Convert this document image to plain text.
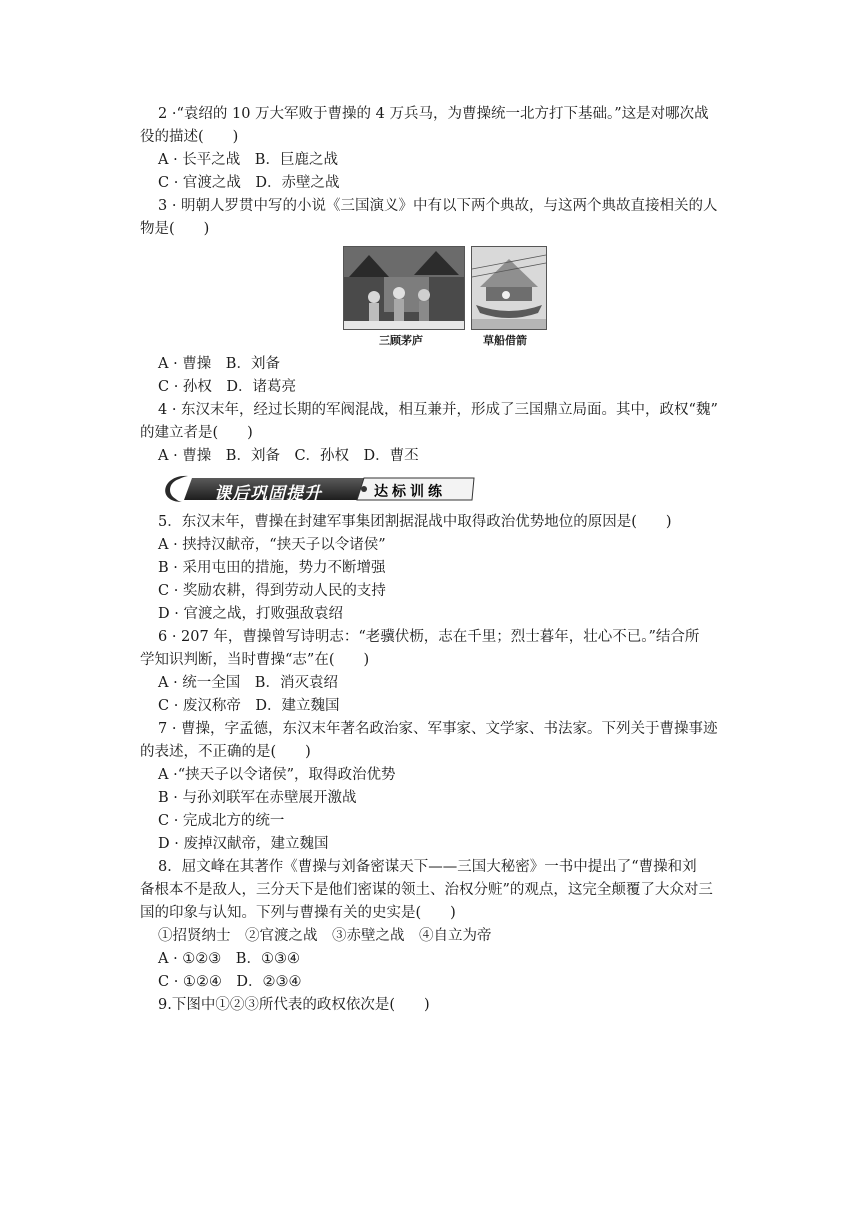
2 ·“袁绍的 10 万大军败于曹操的 4 万兵马，为曹操统一北方打下基础。”这是对哪次战
役的描述(　　)
A · 长平之战　B．巨鹿之战
C · 官渡之战　D．赤壁之战
3 · 明朝人罗贯中写的小说《三国演义》中有以下两个典故，与这两个典故直接相关的人
物是(　　)
三顾茅庐	草船借箭
A · 曹操　B．刘备
C · 孙权　D．诸葛亮
4 · 东汉末年，经过长期的军阀混战，相互兼并，形成了三国鼎立局面。其中，政权“魏”
的建立者是(　　)
A · 曹操　B．刘备　C．孙权　D．曹丕
课后巩固提升	达标训练
5．东汉末年，曹操在封建军事集团割据混战中取得政治优势地位的原因是(　　)
A · 挟持汉献帝，“挟天子以令诸侯”
B · 采用屯田的措施，势力不断增强
C · 奖励农耕，得到劳动人民的支持
D · 官渡之战，打败强敌袁绍
6 · 207 年，曹操曾写诗明志：“老骥伏枥，志在千里；烈士暮年，壮心不已。”结合所
学知识判断，当时曹操“志”在(　　)
A · 统一全国　B．消灭袁绍
C · 废汉称帝　D．建立魏国
7 · 曹操，字孟德，东汉末年著名政治家、军事家、文学家、书法家。下列关于曹操事迹
的表述，不正确的是(　　)
A ·“挟天子以令诸侯”，取得政治优势
B · 与孙刘联军在赤壁展开激战
C · 完成北方的统一
D · 废掉汉献帝，建立魏国
8．屈文峰在其著作《曹操与刘备密谋天下——三国大秘密》一书中提出了“曹操和刘
备根本不是敌人，三分天下是他们密谋的领土、治权分赃”的观点，这完全颠覆了大众对三
国的印象与认知。下列与曹操有关的史实是(　　)
①招贤纳士　②官渡之战　③赤壁之战　④自立为帝
A · ①②③　B．①③④
C · ①②④　D．②③④
9.下图中①②③所代表的政权依次是(　　)
